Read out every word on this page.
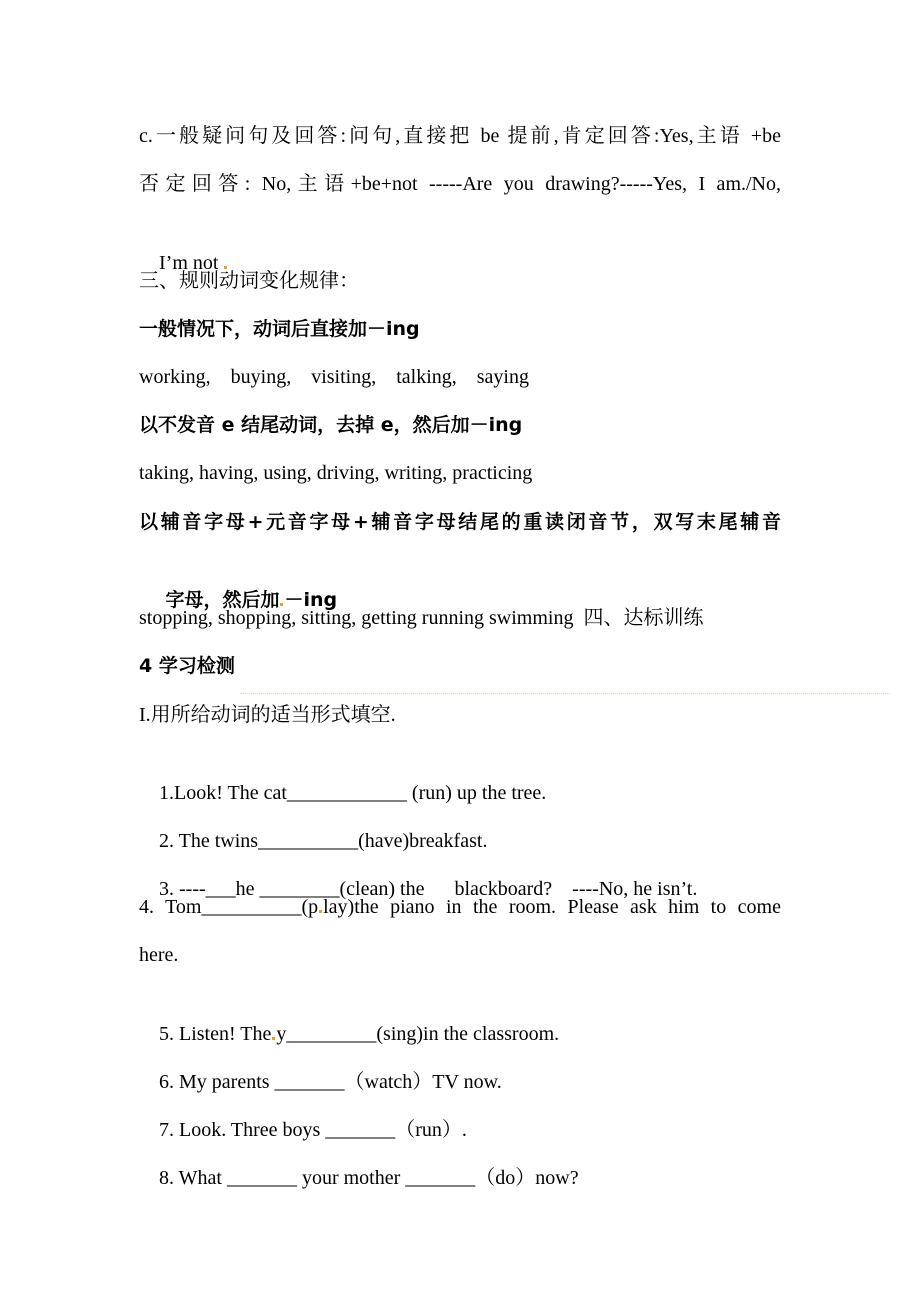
c.一般疑问句及回答:问句,直接把 be 提前,肯定回答:Yes,主语 +be
否定回答: No,主语+be+not -----Are you drawing?-----Yes, I am./No,

I’m not

三、规则动词变化规律：
一般情况下，动词后直接加－ing
working,    buying,    visiting,    talking,    saying
以不发音 e 结尾动词，去掉 e，然后加－ing
taking, having, using, driving, writing, practicing
以辅音字母+元音字母+辅音字母结尾的重读闭音节，双写末尾辅音

字母，然后加 －ing

stopping, shopping, sitting, getting running swimming  四、达标训练
4 学习检测
I.用所给动词的适当形式填空.

1.Look! The cat____________ (run) up the tree.

2. The twins__________(have)breakfast.

3. ----___he ________(clean) the      blackboard?    ----No, he isn’t.

4. Tom__________(p lay)the piano in the room. Please ask him to come
here.

5. Listen! The y_________(sing)in the classroom.

6. My parents _______（watch）TV now.

7. Look. Three boys _______（run）.

8. What _______ your mother _______（do）now?
